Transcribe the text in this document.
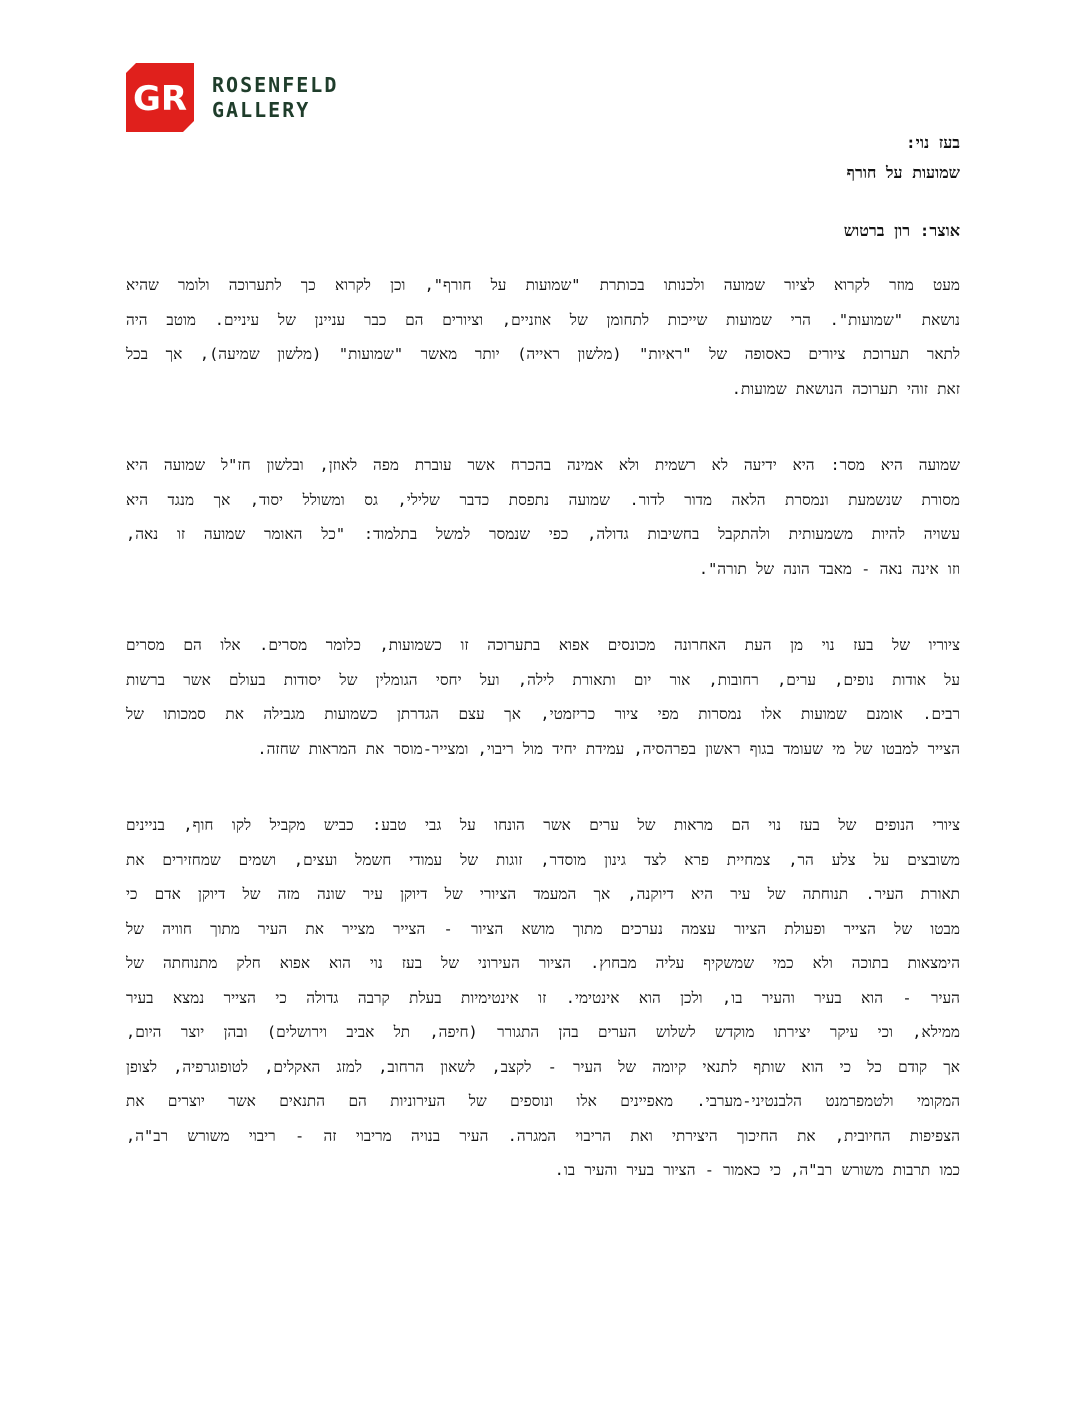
GR ROSENFELD
GALLERY
בעז נוי:
שמועות על חורף
אוצר: רון ברטוש
מעט מוזר לקרוא לציור שמועה ולכנותו בכותרת "שמועות על חורף", וכן לקרוא כך לתערוכה ולומר שהיא
נושאת "שמועות". הרי שמועות שייכות לתחומן של אוזניים, וציורים הם כבר עניינן של עיניים. מוטב היה
לתאר תערוכת ציורים כאסופה של "ראיות" (מלשון ראייה) יותר מאשר "שמועות" (מלשון שמיעה), אך בכל
זאת זוהי תערוכה הנושאת שמועות.
שמועה היא מסר: היא ידיעה לא רשמית ולא אמינה בהכרח אשר עוברת מפה לאוזן, ובלשון חז"ל שמועה היא
מסורת שנשמעת ונמסרת הלאה מדור לדור. שמועה נתפסת כדבר שלילי, גס ומשולל יסוד, אך מנגד היא
עשויה להיות משמעותית ולהתקבל בחשיבות גדולה, כפי שנמסר למשל בתלמוד: "כל האומר שמועה זו נאה,
וזו אינה נאה - מאבד הונה של תורה".
ציוריו של בעז נוי מן העת האחרונה מכונסים אפוא בתערוכה זו כשמועות, כלומר מסרים. אלו הם מסרים
על אודות נופים, ערים, רחובות, אור יום ותאורת לילה, ועל יחסי הגומלין של יסודות בעולם אשר ברשות
רבים. אומנם שמועות אלו נמסרות מפי ציור כריזמטי, אך עצם הגדרתן כשמועות מגבילה את סמכותו של
הצייר למבטו של מי שעומד בגוף ראשון בפרהסיה, עמידת יחיד מול ריבוי, ומצייר-מוסר את המראות שחזה.
ציורי הנופים של בעז נוי הם מראות של ערים אשר הונחו על גבי טבע: כביש מקביל לקו חוף, בניינים
משובצים על צלע הר, צמחיית פרא לצד גינון מוסדר, זוגות של עמודי חשמל ועצים, ושמים שמחזירים את
תאורת העיר. תנוחתה של עיר היא דיוקנה, אך המעמד הציורי של דיוקן עיר שונה מזה של דיוקן אדם כי
מבטו של הצייר ופעולת הציור עצמה נערכים מתוך מושא הציור - הצייר מצייר את העיר מתוך חוויה של
הימצאות בתוכה ולא כמי שמשקיף עליה מבחוץ. הציור העירוני של בעז נוי הוא אפוא חלק מתנוחתה של
העיר - הוא בעיר והעיר בו, ולכן הוא אינטימי. זו אינטימיות בעלת קרבה גדולה כי הצייר נמצא בעיר
ממילא, וכי עיקר יצירתו מוקדש לשלוש הערים בהן התגורר (חיפה, תל אביב וירושלים) ובהן יוצר היום,
אך קודם כל כי הוא שותף לתנאי קיומה של העיר - לקצב, לשאון הרחוב, למזג האקלים, לטופוגרפיה, לצופן
המקומי ולטמפרמנט הלבנטיני-מערבי. מאפיינים אלו ונוספים של העירוניות הם התנאים אשר יוצרים את
הצפיפות החיובית, את החיכוך היצירתי ואת הריבוי המגרה. העיר בנויה מריבוי זה - ריבוי משורש רב"ה,
כמו תרבות משורש רב"ה, כי כאמור - הציור בעיר והעיר בו.
